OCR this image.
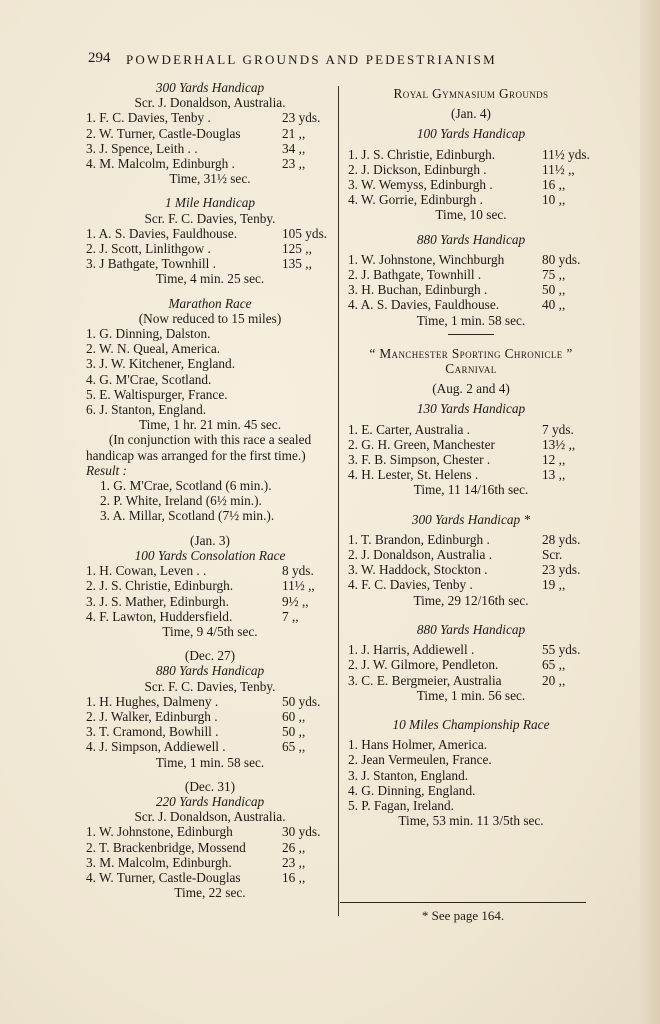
294 POWDERHALL GROUNDS AND PEDESTRIANISM
300 Yards Handicap
Scr. J. Donaldson, Australia.
1. F. C. Davies, Tenby .	23 yds.
2. W. Turner, Castle-Douglas	21 ,,
3. J. Spence, Leith . .	34 ,,
4. M. Malcolm, Edinburgh .	23 ,,
Time, 31½ sec.
1 Mile Handicap
Scr. F. C. Davies, Tenby.
1. A. S. Davies, Fauldhouse.	105 yds.
2. J. Scott, Linlithgow .	125 ,,
3. J Bathgate, Townhill .	135 ,,
Time, 4 min. 25 sec.
Marathon Race
(Now reduced to 15 miles)
1. G. Dinning, Dalston.
2. W. N. Queal, America.
3. J. W. Kitchener, England.
4. G. M'Crae, Scotland.
5. E. Waltispurger, France.
6. J. Stanton, England.
Time, 1 hr. 21 min. 45 sec.
(In conjunction with this race a sealed
handicap was arranged for the first time.)
Result :
1. G. M'Crae, Scotland (6 min.).
2. P. White, Ireland (6½ min.).
3. A. Millar, Scotland (7½ min.).
(Jan. 3)
100 Yards Consolation Race
1. H. Cowan, Leven . .	8 yds.
2. J. S. Christie, Edinburgh.	11½ ,,
3. J. S. Mather, Edinburgh.	9½ ,,
4. F. Lawton, Huddersfield.	7 ,,
Time, 9 4/5th sec.
(Dec. 27)
880 Yards Handicap
Scr. F. C. Davies, Tenby.
1. H. Hughes, Dalmeny .	50 yds.
2. J. Walker, Edinburgh .	60 ,,
3. T. Cramond, Bowhill .	50 ,,
4. J. Simpson, Addiewell .	65 ,,
Time, 1 min. 58 sec.
(Dec. 31)
220 Yards Handicap
Scr. J. Donaldson, Australia.
1. W. Johnstone, Edinburgh	30 yds.
2. T. Brackenbridge, Mossend	26 ,,
3. M. Malcolm, Edinburgh.	23 ,,
4. W. Turner, Castle-Douglas	16 ,,
Time, 22 sec.
Royal Gymnasium Grounds
(Jan. 4)
100 Yards Handicap
1. J. S. Christie, Edinburgh.	11½ yds.
2. J. Dickson, Edinburgh .	11½ ,,
3. W. Wemyss, Edinburgh .	16 ,,
4. W. Gorrie, Edinburgh .	10 ,,
Time, 10 sec.
880 Yards Handicap
1. W. Johnstone, Winchburgh	80 yds.
2. J. Bathgate, Townhill .	75 ,,
3. H. Buchan, Edinburgh .	50 ,,
4. A. S. Davies, Fauldhouse.	40 ,,
Time, 1 min. 58 sec.
“ Manchester Sporting Chronicle ”
Carnival
(Aug. 2 and 4)
130 Yards Handicap
1. E. Carter, Australia .	7 yds.
2. G. H. Green, Manchester	13½ ,,
3. F. B. Simpson, Chester .	12 ,,
4. H. Lester, St. Helens .	13 ,,
Time, 11 14/16th sec.
300 Yards Handicap *
1. T. Brandon, Edinburgh .	28 yds.
2. J. Donaldson, Australia .	Scr.
3. W. Haddock, Stockton .	23 yds.
4. F. C. Davies, Tenby .	19 ,,
Time, 29 12/16th sec.
880 Yards Handicap
1. J. Harris, Addiewell .	55 yds.
2. J. W. Gilmore, Pendleton.	65 ,,
3. C. E. Bergmeier, Australia	20 ,,
Time, 1 min. 56 sec.
10 Miles Championship Race
1. Hans Holmer, America.
2. Jean Vermeulen, France.
3. J. Stanton, England.
4. G. Dinning, England.
5. P. Fagan, Ireland.
Time, 53 min. 11 3/5th sec.
* See page 164.
